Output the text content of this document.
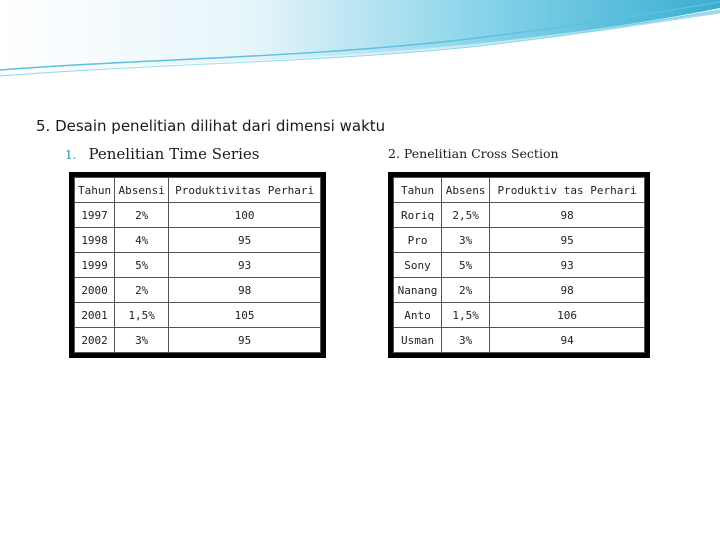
5. Desain penelitian dilihat dari dimensi waktu
1. Penelitian Time Series	2. Penelitian Cross Section
Tahun	Absensi	Produktivitas Perhari
1997	2%	100
1998	4%	95
1999	5%	93
2000	2%	98
2001	1,5%	105
2002	3%	95
Tahun	Absens	Produktiv tas Perhari
Roriq	2,5%	98
Pro	3%	95
Sony	5%	93
Nanang	2%	98
Anto	1,5%	106
Usman	3%	94
